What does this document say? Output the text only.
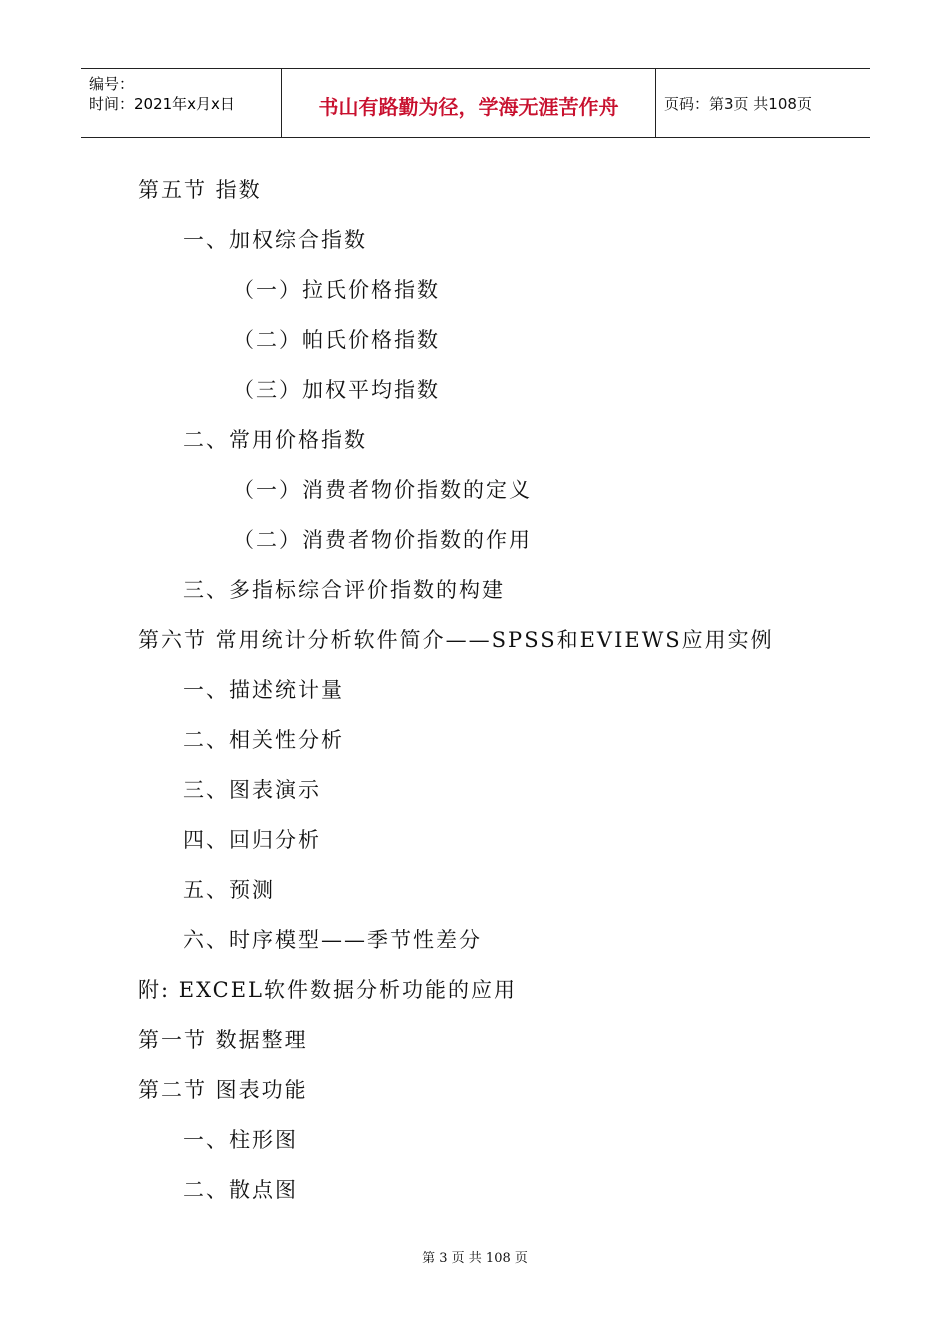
编号：
时间：2021年x月x日	书山有路勤为径，学海无涯苦作舟	页码：第3页 共108页
第五节 指数
一、加权综合指数
（一）拉氏价格指数
（二）帕氏价格指数
（三）加权平均指数
二、常用价格指数
（一）消费者物价指数的定义
（二）消费者物价指数的作用
三、多指标综合评价指数的构建
第六节 常用统计分析软件简介——SPSS和EVIEWS应用实例
一、描述统计量
二、相关性分析
三、图表演示
四、回归分析
五、预测
六、时序模型——季节性差分
附: EXCEL软件数据分析功能的应用
第一节 数据整理
第二节 图表功能
一、柱形图
二、散点图
第 3 页 共 108 页
